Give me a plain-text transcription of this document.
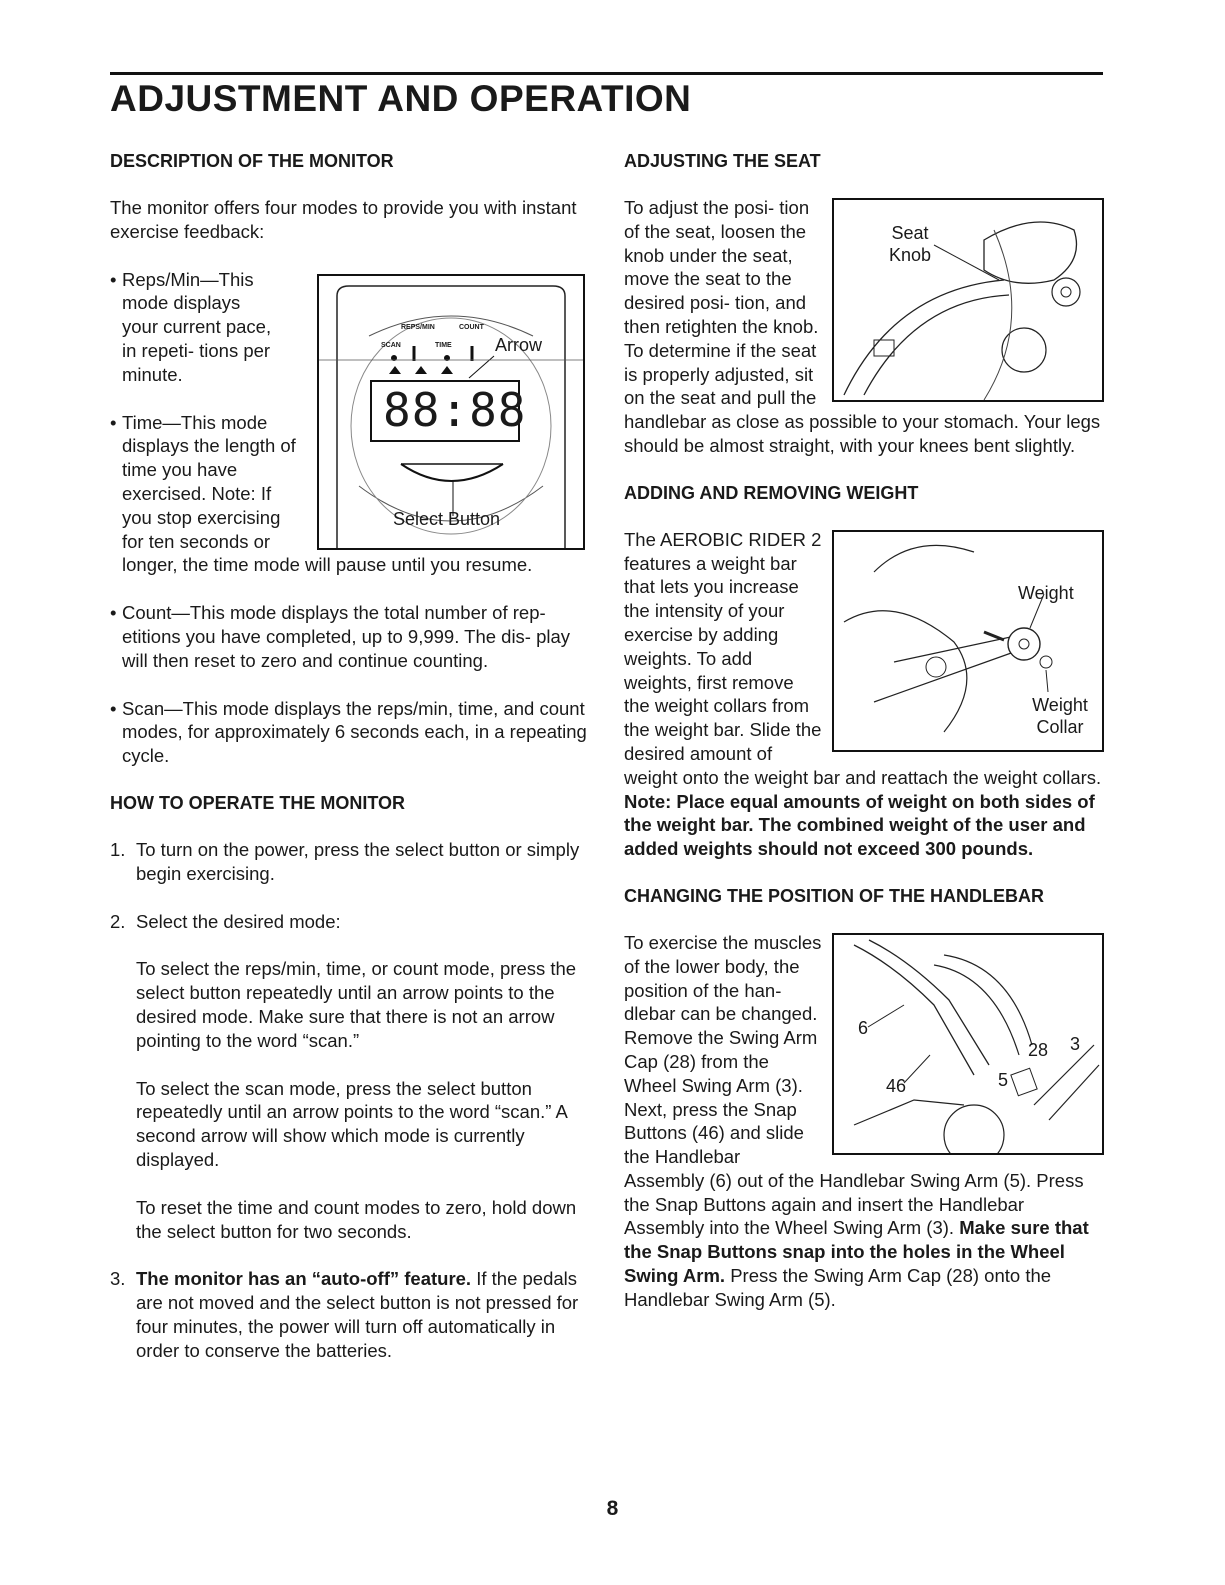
ADJUSTMENT AND OPERATION
DESCRIPTION OF THE MONITOR

The monitor offers four modes to provide you with instant exercise feedback:

REPS/MIN	COUNT
SCAN	TIME
88:88
Arrow
Select Button
• Reps/Min—This mode displays your current pace, in repeti- tions per minute.
• Time—This mode displays the length of time you have exercised. Note: If you stop exercising for ten seconds or longer, the time mode will pause until you resume.
• Count—This mode displays the total number of rep- etitions you have completed, up to 9,999. The dis- play will then reset to zero and continue counting.
• Scan—This mode displays the reps/min, time, and count modes, for approximately 6 seconds each, in a repeating cycle.
HOW TO OPERATE THE MONITOR
1. To turn on the power, press the select button or simply begin exercising.
2. Select the desired mode:

To select the reps/min, time, or count mode, press the select button repeatedly until an arrow points to the desired mode. Make sure that there is not an arrow pointing to the word “scan.”

To select the scan mode, press the select button repeatedly until an arrow points to the word “scan.” A second arrow will show which mode is currently displayed.

To reset the time and count modes to zero, hold down the select button for two seconds.

3. The monitor has an “auto-off” feature. If the pedals are not moved and the select button is not pressed for four minutes, the power will turn off automatically in order to conserve the batteries.
ADJUSTING THE SEAT
Seat Knob

To adjust the posi- tion of the seat, loosen the knob under the seat, move the seat to the desired posi- tion, and then retighten the knob. To determine if the seat is properly adjusted, sit on the seat and pull the handlebar as close as possible to your stomach. Your legs should be almost straight, with your knees bent slightly.

ADDING AND REMOVING WEIGHT
Weight
Weight Collar

The AEROBIC RIDER 2 features a weight bar that lets you increase the intensity of your exercise by adding weights. To add weights, first remove the weight collars from the weight bar. Slide the desired amount of weight onto the weight bar and reattach the weight collars. Note: Place equal amounts of weight on both sides of the weight bar. The combined weight of the user and added weights should not exceed 300 pounds.

CHANGING THE POSITION OF THE HANDLEBAR
6
46	5
28 3

To exercise the muscles of the lower body, the position of the han- dlebar can be changed. Remove the Swing Arm Cap (28) from the Wheel Swing Arm (3). Next, press the Snap Buttons (46) and slide the Handlebar Assembly (6) out of the Handlebar Swing Arm (5). Press the Snap Buttons again and insert the Handlebar Assembly into the Wheel Swing Arm (3). Make sure that the Snap Buttons snap into the holes in the Wheel Swing Arm. Press the Swing Arm Cap (28) onto the Handlebar Swing Arm (5).

8
